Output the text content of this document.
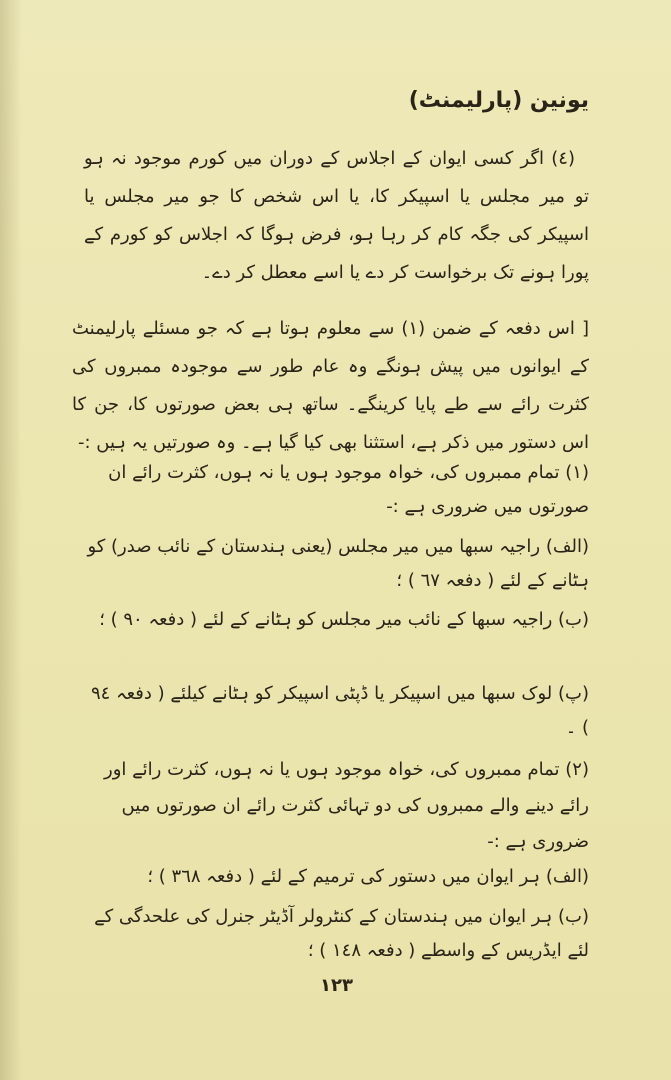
یونین (پارلیمنٹ)

(٤) اگر کسی ایوان کے اجلاس کے دوران میں کورم موجود نہ ہو تو میر مجلس یا اسپیکر کا، یا اس شخص کا جو میر مجلس یا اسپیکر کی جگہ کام کر رہا ہو، فرض ہوگا کہ اجلاس کو کورم کے پورا ہونے تک برخواست کر دے یا اسے معطل کر دے۔

[ اس دفعہ کے ضمن (١) سے معلوم ہوتا ہے کہ جو مسئلے پارلیمنٹ کے ایوانوں میں پیش ہونگے وہ عام طور سے موجودہ ممبروں کی کثرت رائے سے طے پایا کرینگے۔ ساتھ ہی بعض صورتوں کا، جن کا اس دستور میں ذکر ہے، استثنا بھی کیا گیا ہے۔ وہ صورتیں یہ ہیں :-

(١) تمام ممبروں کی، خواہ موجود ہوں یا نہ ہوں، کثرت رائے ان صورتوں میں ضروری ہے :-

(الف) راجیہ سبھا میں میر مجلس (یعنی ہندستان کے نائب صدر) کو ہٹانے کے لئے ( دفعہ ٦٧ ) ؛

(ب) راجیہ سبھا کے نائب میر مجلس کو ہٹانے کے لئے ( دفعہ ٩٠ ) ؛

(پ) لوک سبھا میں اسپیکر یا ڈپٹی اسپیکر کو ہٹانے کیلئے ( دفعہ ٩٤ ) ۔

(٢) تمام ممبروں کی، خواہ موجود ہوں یا نہ ہوں، کثرت رائے اور رائے دینے والے ممبروں کی دو تہائی کثرت رائے ان صورتوں میں ضروری ہے :-

(الف) ہر ایوان میں دستور کی ترمیم کے لئے ( دفعہ ٣٦٨ ) ؛

(ب) ہر ایوان میں ہندستان کے کنٹرولر آڈیٹر جنرل کی علحدگی کے لئے ایڈریس کے واسطے ( دفعہ ١٤٨ ) ؛

١٢٣
